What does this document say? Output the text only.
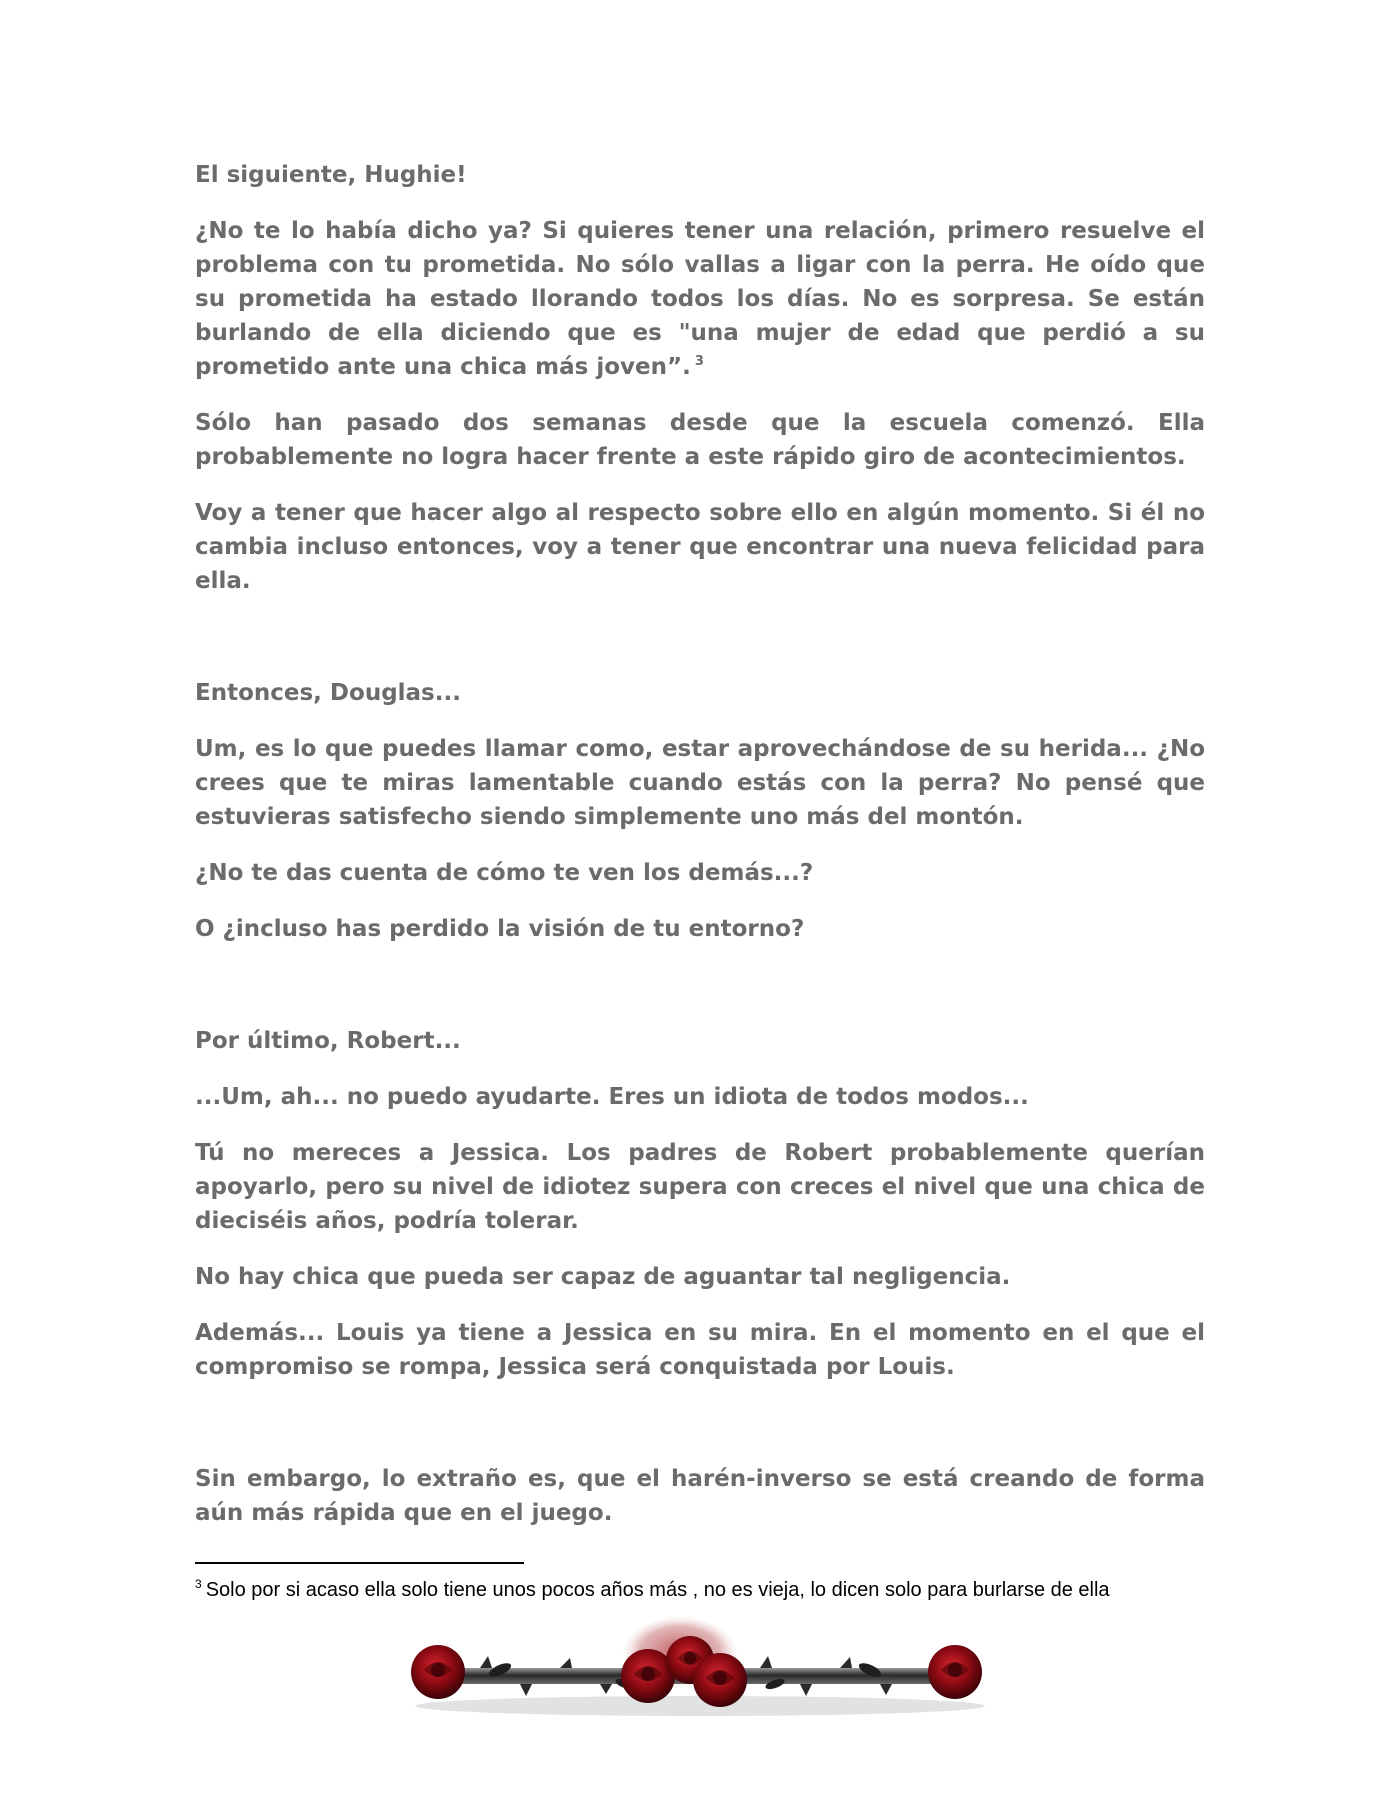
El siguiente, Hughie!

¿No te lo había dicho ya? Si quieres tener una relación, primero resuelve el problema con tu prometida. No sólo vallas a ligar con la perra. He oído que su prometida ha estado llorando todos los días. No es sorpresa. Se están burlando de ella diciendo que es "una mujer de edad que perdió a su prometido ante una chica más joven”. $^3$

Sólo han pasado dos semanas desde que la escuela comenzó. Ella probablemente no logra hacer frente a este rápido giro de acontecimientos.

Voy a tener que hacer algo al respecto sobre ello en algún momento. Si él no cambia incluso entonces, voy a tener que encontrar una nueva felicidad para ella.

Entonces, Douglas...

Um, es lo que puedes llamar como, estar aprovechándose de su herida... ¿No crees que te miras lamentable cuando estás con la perra? No pensé que estuvieras satisfecho siendo simplemente uno más del montón.

¿No te das cuenta de cómo te ven los demás...?

O ¿incluso has perdido la visión de tu entorno?

Por último, Robert...

...Um, ah... no puedo ayudarte. Eres un idiota de todos modos...

Tú no mereces a Jessica. Los padres de Robert probablemente querían apoyarlo, pero su nivel de idiotez supera con creces el nivel que una chica de dieciséis años, podría tolerar.

No hay chica que pueda ser capaz de aguantar tal negligencia.

Además... Louis ya tiene a Jessica en su mira. En el momento en el que el compromiso se rompa, Jessica será conquistada por Louis.

Sin embargo, lo extraño es, que el harén-inverso se está creando de forma aún más rápida que en el juego.

$^3$ Solo por si acaso ella solo tiene unos pocos años más , no es vieja, lo dicen solo para burlarse de ella
